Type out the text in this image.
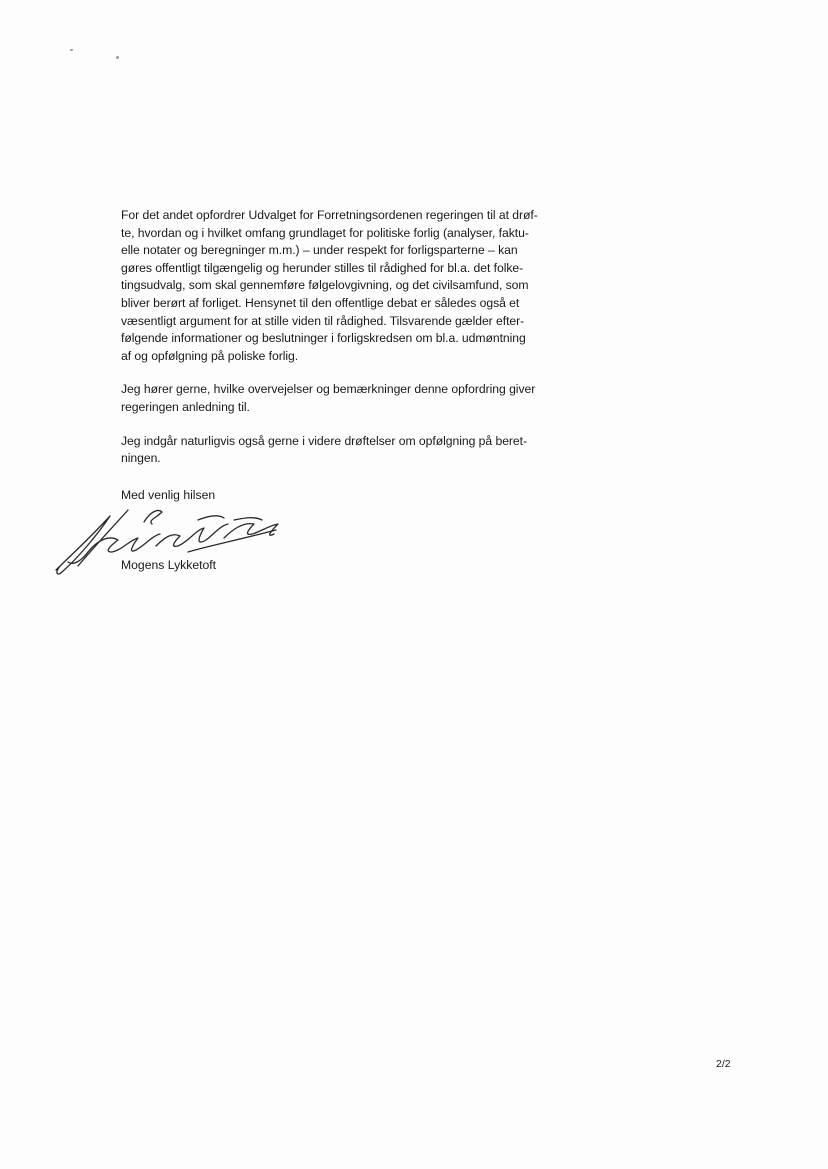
For det andet opfordrer Udvalget for Forretningsordenen regeringen til at drøf-
te, hvordan og i hvilket omfang grundlaget for politiske forlig (analyser, faktu-
elle notater og beregninger m.m.) – under respekt for forligsparterne – kan
gøres offentligt tilgængelig og herunder stilles til rådighed for bl.a. det folke-
tingsudvalg, som skal gennemføre følgelovgivning, og det civilsamfund, som
bliver berørt af forliget. Hensynet til den offentlige debat er således også et
væsentligt argument for at stille viden til rådighed. Tilsvarende gælder efter-
følgende informationer og beslutninger i forligskredsen om bl.a. udmøntning
af og opfølgning på poliske forlig.

Jeg hører gerne, hvilke overvejelser og bemærkninger denne opfordring giver
regeringen anledning til.

Jeg indgår naturligvis også gerne i videre drøftelser om opfølgning på beret-
ningen.

Med venlig hilsen
Mogens Lykketoft
2/2
